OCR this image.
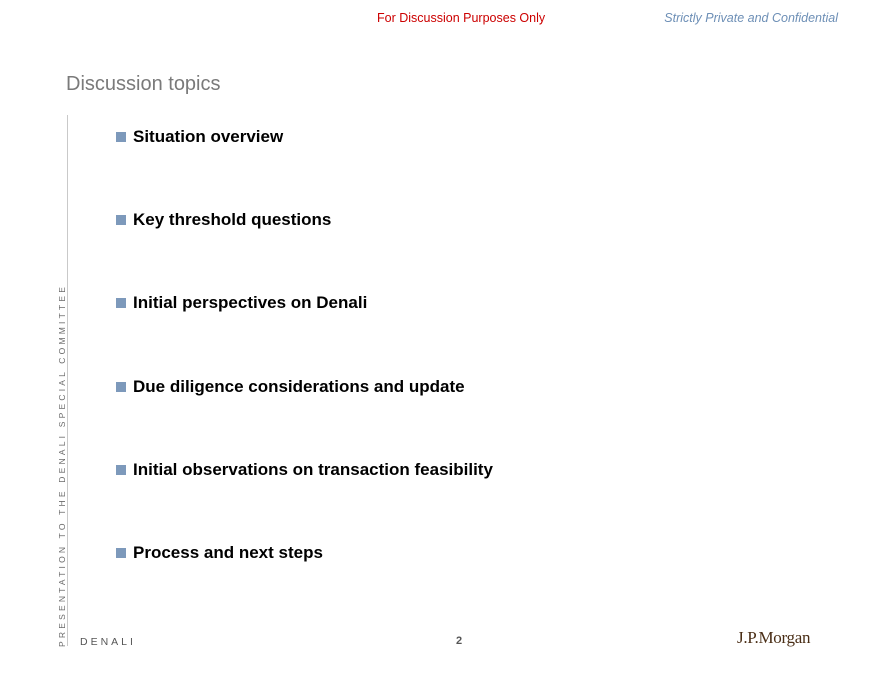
For Discussion Purposes Only	Strictly Private and Confidential
Discussion topics
PRESENTATION TO THE DENALI SPECIAL COMMITTEE
Situation overview
Key threshold questions
Initial perspectives on Denali
Due diligence considerations and update
Initial observations on transaction feasibility
Process and next steps
DENALI	2	J.P.Morgan
